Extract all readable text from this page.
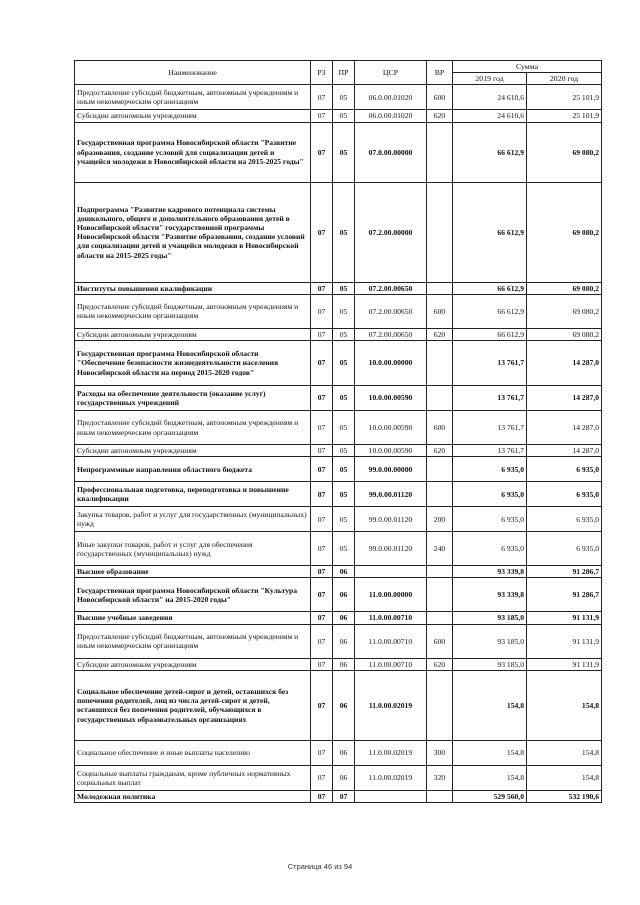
Наименование	РЗ	ПР	ЦСР	ВР	Сумма	
					2019 год	2020 год
Предоставление субсидий бюджетным, автономным учреждениям и иным некоммерческим организациям	07	05	06.0.00.01020	600	24 610,6	25 101,9
Субсидии автономным учреждениям	07	05	06.0.00.01020	620	24 610,6	25 101,9
Государственная программа Новосибирской области "Развитие образования, создание условий для социализации детей и учащейся молодежи в Новосибирской области на 2015-2025 годы"	07	05	07.0.00.00000		66 612,9	69 080,2
Подпрограмма "Развитие кадрового потенциала системы дошкольного, общего и дополнительного образования детей в Новосибирской области" государственной программы Новосибирской области "Развитие образования, создание условий для социализации детей и учащейся молодежи в Новосибирской области на 2015-2025 годы"	07	05	07.2.00.00000		66 612,9	69 080,2
Институты повышения квалификации	07	05	07.2.00.00650		66 612,9	69 080,2
Предоставление субсидий бюджетным, автономным учреждениям и иным некоммерческим организациям	07	05	07.2.00.00650	600	66 612,9	69 080,2
Субсидии автономным учреждениям	07	05	07.2.00.00650	620	66 612,9	69 080,2
Государственная программа Новосибирской области "Обеспечение безопасности жизнедеятельности населения Новосибирской области на период 2015-2020 годов"	07	05	10.0.00.00000		13 761,7	14 287,0
Расходы на обеспечение деятельности (оказание услуг) государственных учреждений	07	05	10.0.00.00590		13 761,7	14 287,0
Предоставление субсидий бюджетным, автономным учреждениям и иным некоммерческим организациям	07	05	10.0.00.00590	600	13 761,7	14 287,0
Субсидии автономным учреждениям	07	05	10.0.00.00590	620	13 761,7	14 287,0
Непрограммные направления областного бюджета	07	05	99.0.00.00000		6 935,0	6 935,0
Профессиональная подготовка, переподготовка и повышение квалификации	07	05	99.0.00.01120		6 935,0	6 935,0
Закупка товаров, работ и услуг для государственных (муниципальных) нужд	07	05	99.0.00.01120	200	6 935,0	6 935,0
Иные закупки товаров, работ и услуг для обеспечения государственных (муниципальных) нужд	07	05	99.0.00.01120	240	6 935,0	6 935,0
Высшее образование	07	06			93 339,8	91 286,7
Государственная программа Новосибирской области "Культура Новосибирской области" на 2015-2020 годы"	07	06	11.0.00.00000		93 339,8	91 286,7
Высшие учебные заведения	07	06	11.0.00.00710		93 185,0	91 131,9
Предоставление субсидий бюджетным, автономным учреждениям и иным некоммерческим организациям	07	06	11.0.00.00710	600	93 185,0	91 131,9
Субсидии автономным учреждениям	07	06	11.0.00.00710	620	93 185,0	91 131,9
Социальное обеспечение детей-сирот и детей, оставшихся без попечения родителей, лиц из числа детей-сирот и детей, оставшихся без попечения родителей, обучающихся в государственных образовательных организациях	07	06	11.0.00.02019		154,8	154,8
Социальное обеспечение и иные выплаты населению	07	06	11.0.00.02019	300	154,8	154,8
Социальные выплаты гражданам, кроме публичных нормативных социальных выплат	07	06	11.0.00.02019	320	154,8	154,8
Молодежная политика	07	07			529 560,0	532 190,6
Страница 46 из 94
